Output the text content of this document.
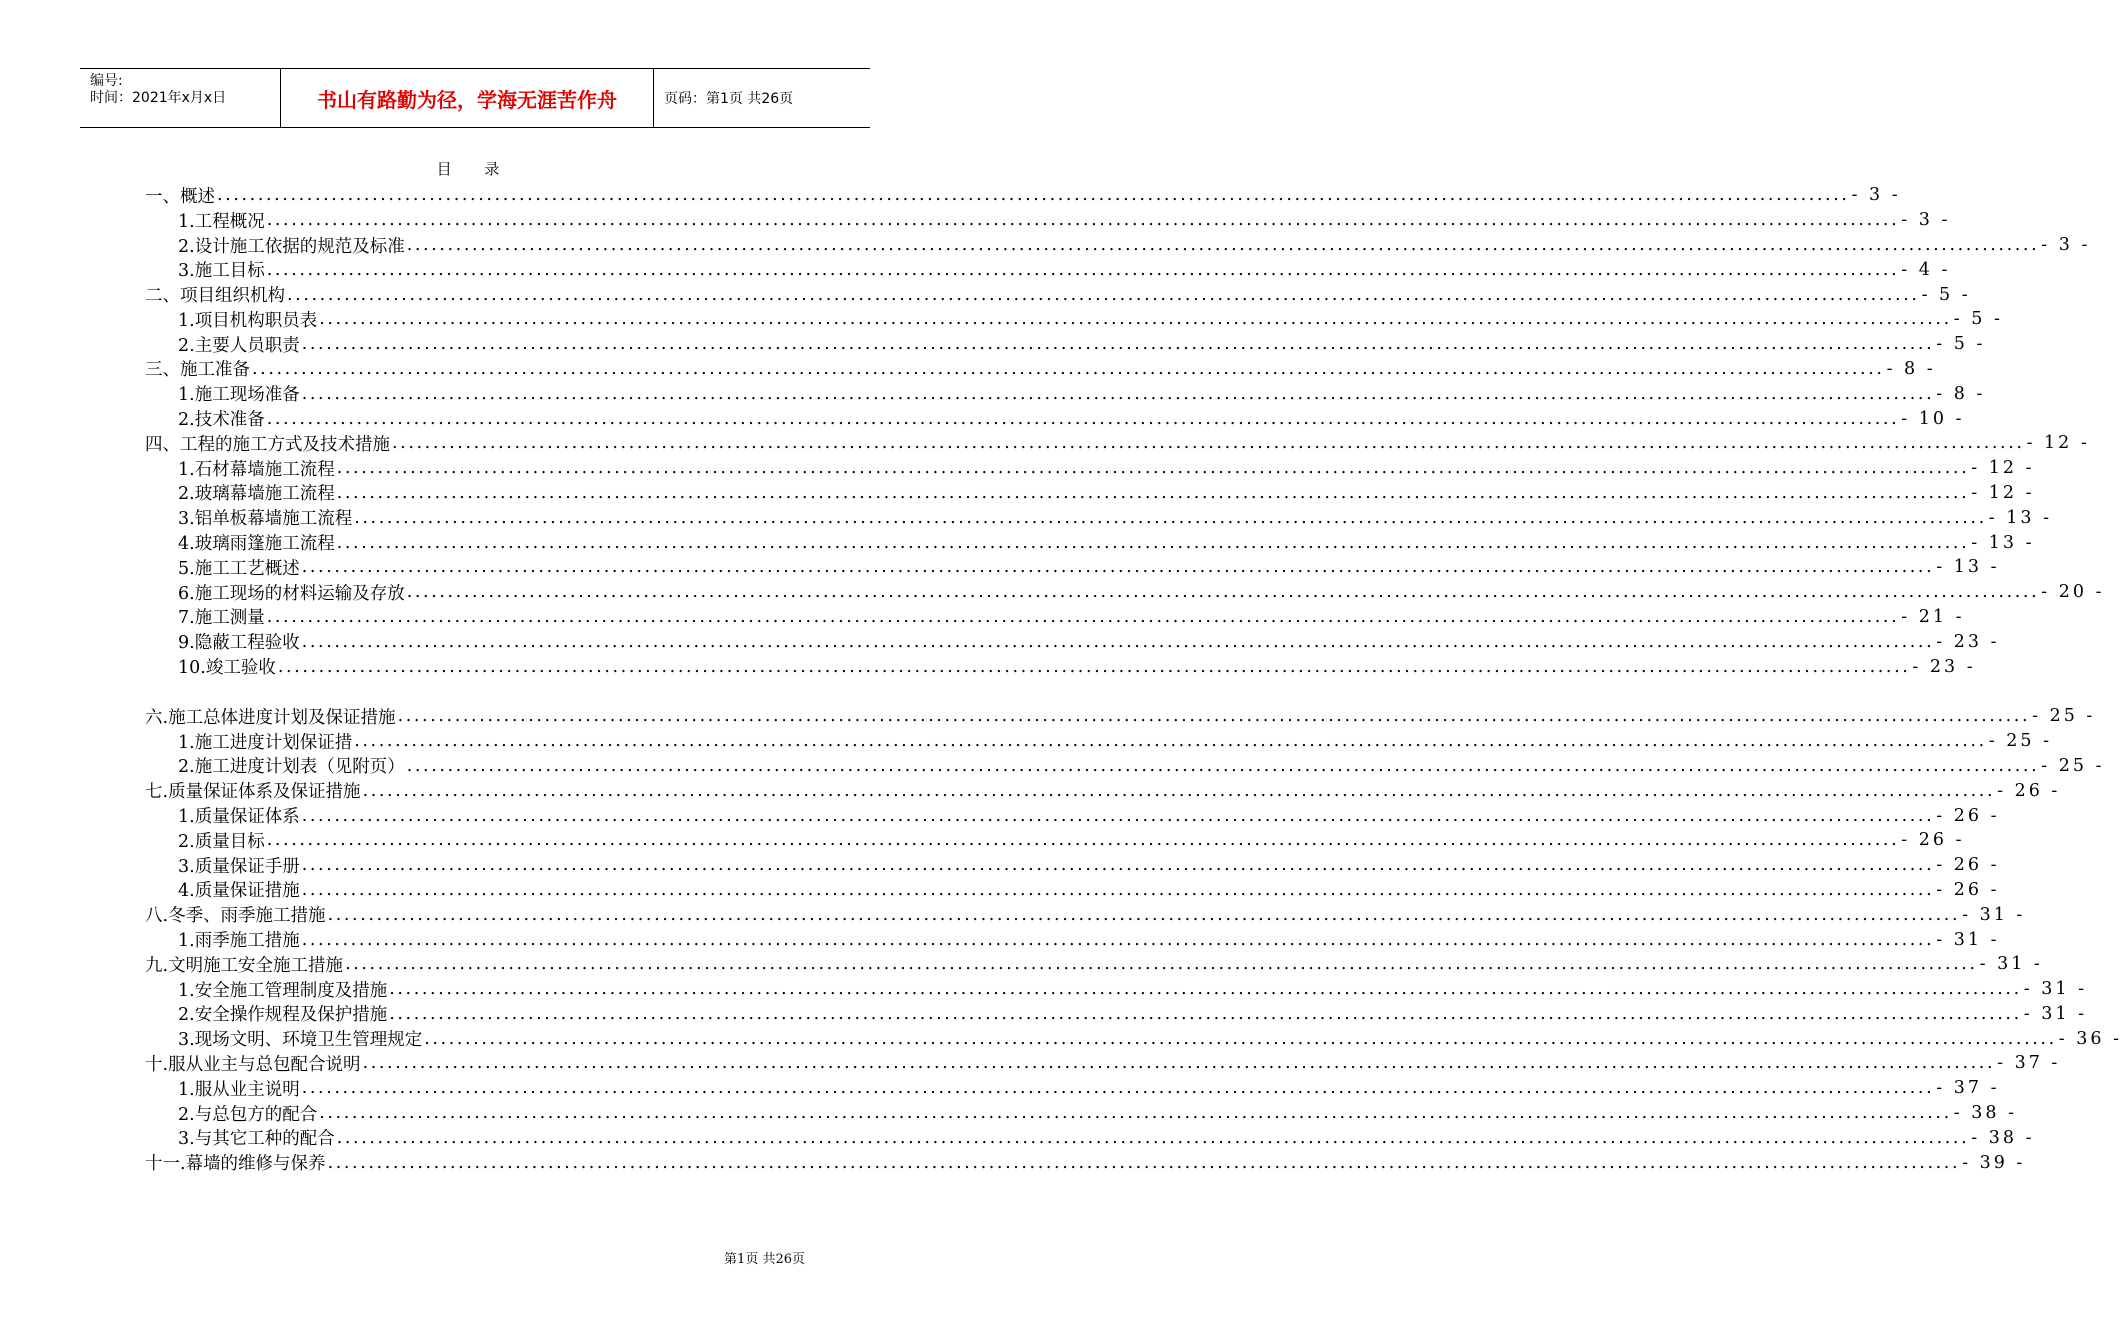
编号:
时间：2021年x月x日	书山有路勤为径，学海无涯苦作舟	页码：第1页 共26页
目 录
一、概述 ........................................................................................................................................................................................................ - 3 -
1.工程概况 ........................................................................................................................................................................................................ - 3 -
2.设计施工依据的规范及标准 ........................................................................................................................................................................................................ - 3 -
3.施工目标 ........................................................................................................................................................................................................ - 4 -
二、项目组织机构 ........................................................................................................................................................................................................ - 5 -
1.项目机构职员表 ........................................................................................................................................................................................................ - 5 -
2.主要人员职责 ........................................................................................................................................................................................................ - 5 -
三、施工准备 ........................................................................................................................................................................................................ - 8 -
1.施工现场准备 ........................................................................................................................................................................................................ - 8 -
2.技术准备 ........................................................................................................................................................................................................ - 10 -
四、工程的施工方式及技术措施 ........................................................................................................................................................................................................ - 12 -
1.石材幕墙施工流程 ........................................................................................................................................................................................................ - 12 -
2.玻璃幕墙施工流程 ........................................................................................................................................................................................................ - 12 -
3.铝单板幕墙施工流程 ........................................................................................................................................................................................................ - 13 -
4.玻璃雨篷施工流程 ........................................................................................................................................................................................................ - 13 -
5.施工工艺概述 ........................................................................................................................................................................................................ - 13 -
6.施工现场的材料运输及存放 ........................................................................................................................................................................................................ - 20 -
7.施工测量 ........................................................................................................................................................................................................ - 21 -
9.隐蔽工程验收 ........................................................................................................................................................................................................ - 23 -
10.竣工验收 ........................................................................................................................................................................................................ - 23 -
六.施工总体进度计划及保证措施 ........................................................................................................................................................................................................ - 25 -
1.施工进度计划保证措 ........................................................................................................................................................................................................ - 25 -
2.施工进度计划表（见附页） ........................................................................................................................................................................................................ - 25 -
七.质量保证体系及保证措施 ........................................................................................................................................................................................................ - 26 -
1.质量保证体系 ........................................................................................................................................................................................................ - 26 -
2.质量目标 ........................................................................................................................................................................................................ - 26 -
3.质量保证手册 ........................................................................................................................................................................................................ - 26 -
4.质量保证措施 ........................................................................................................................................................................................................ - 26 -
八.冬季、雨季施工措施 ........................................................................................................................................................................................................ - 31 -
1.雨季施工措施 ........................................................................................................................................................................................................ - 31 -
九.文明施工安全施工措施 ........................................................................................................................................................................................................ - 31 -
1.安全施工管理制度及措施 ........................................................................................................................................................................................................ - 31 -
2.安全操作规程及保护措施 ........................................................................................................................................................................................................ - 31 -
3.现场文明、环境卫生管理规定 ........................................................................................................................................................................................................ - 36 -
十.服从业主与总包配合说明 ........................................................................................................................................................................................................ - 37 -
1.服从业主说明 ........................................................................................................................................................................................................ - 37 -
2.与总包方的配合 ........................................................................................................................................................................................................ - 38 -
3.与其它工种的配合 ........................................................................................................................................................................................................ - 38 -
十一.幕墙的维修与保养 ........................................................................................................................................................................................................ - 39 -
第1页 共26页
